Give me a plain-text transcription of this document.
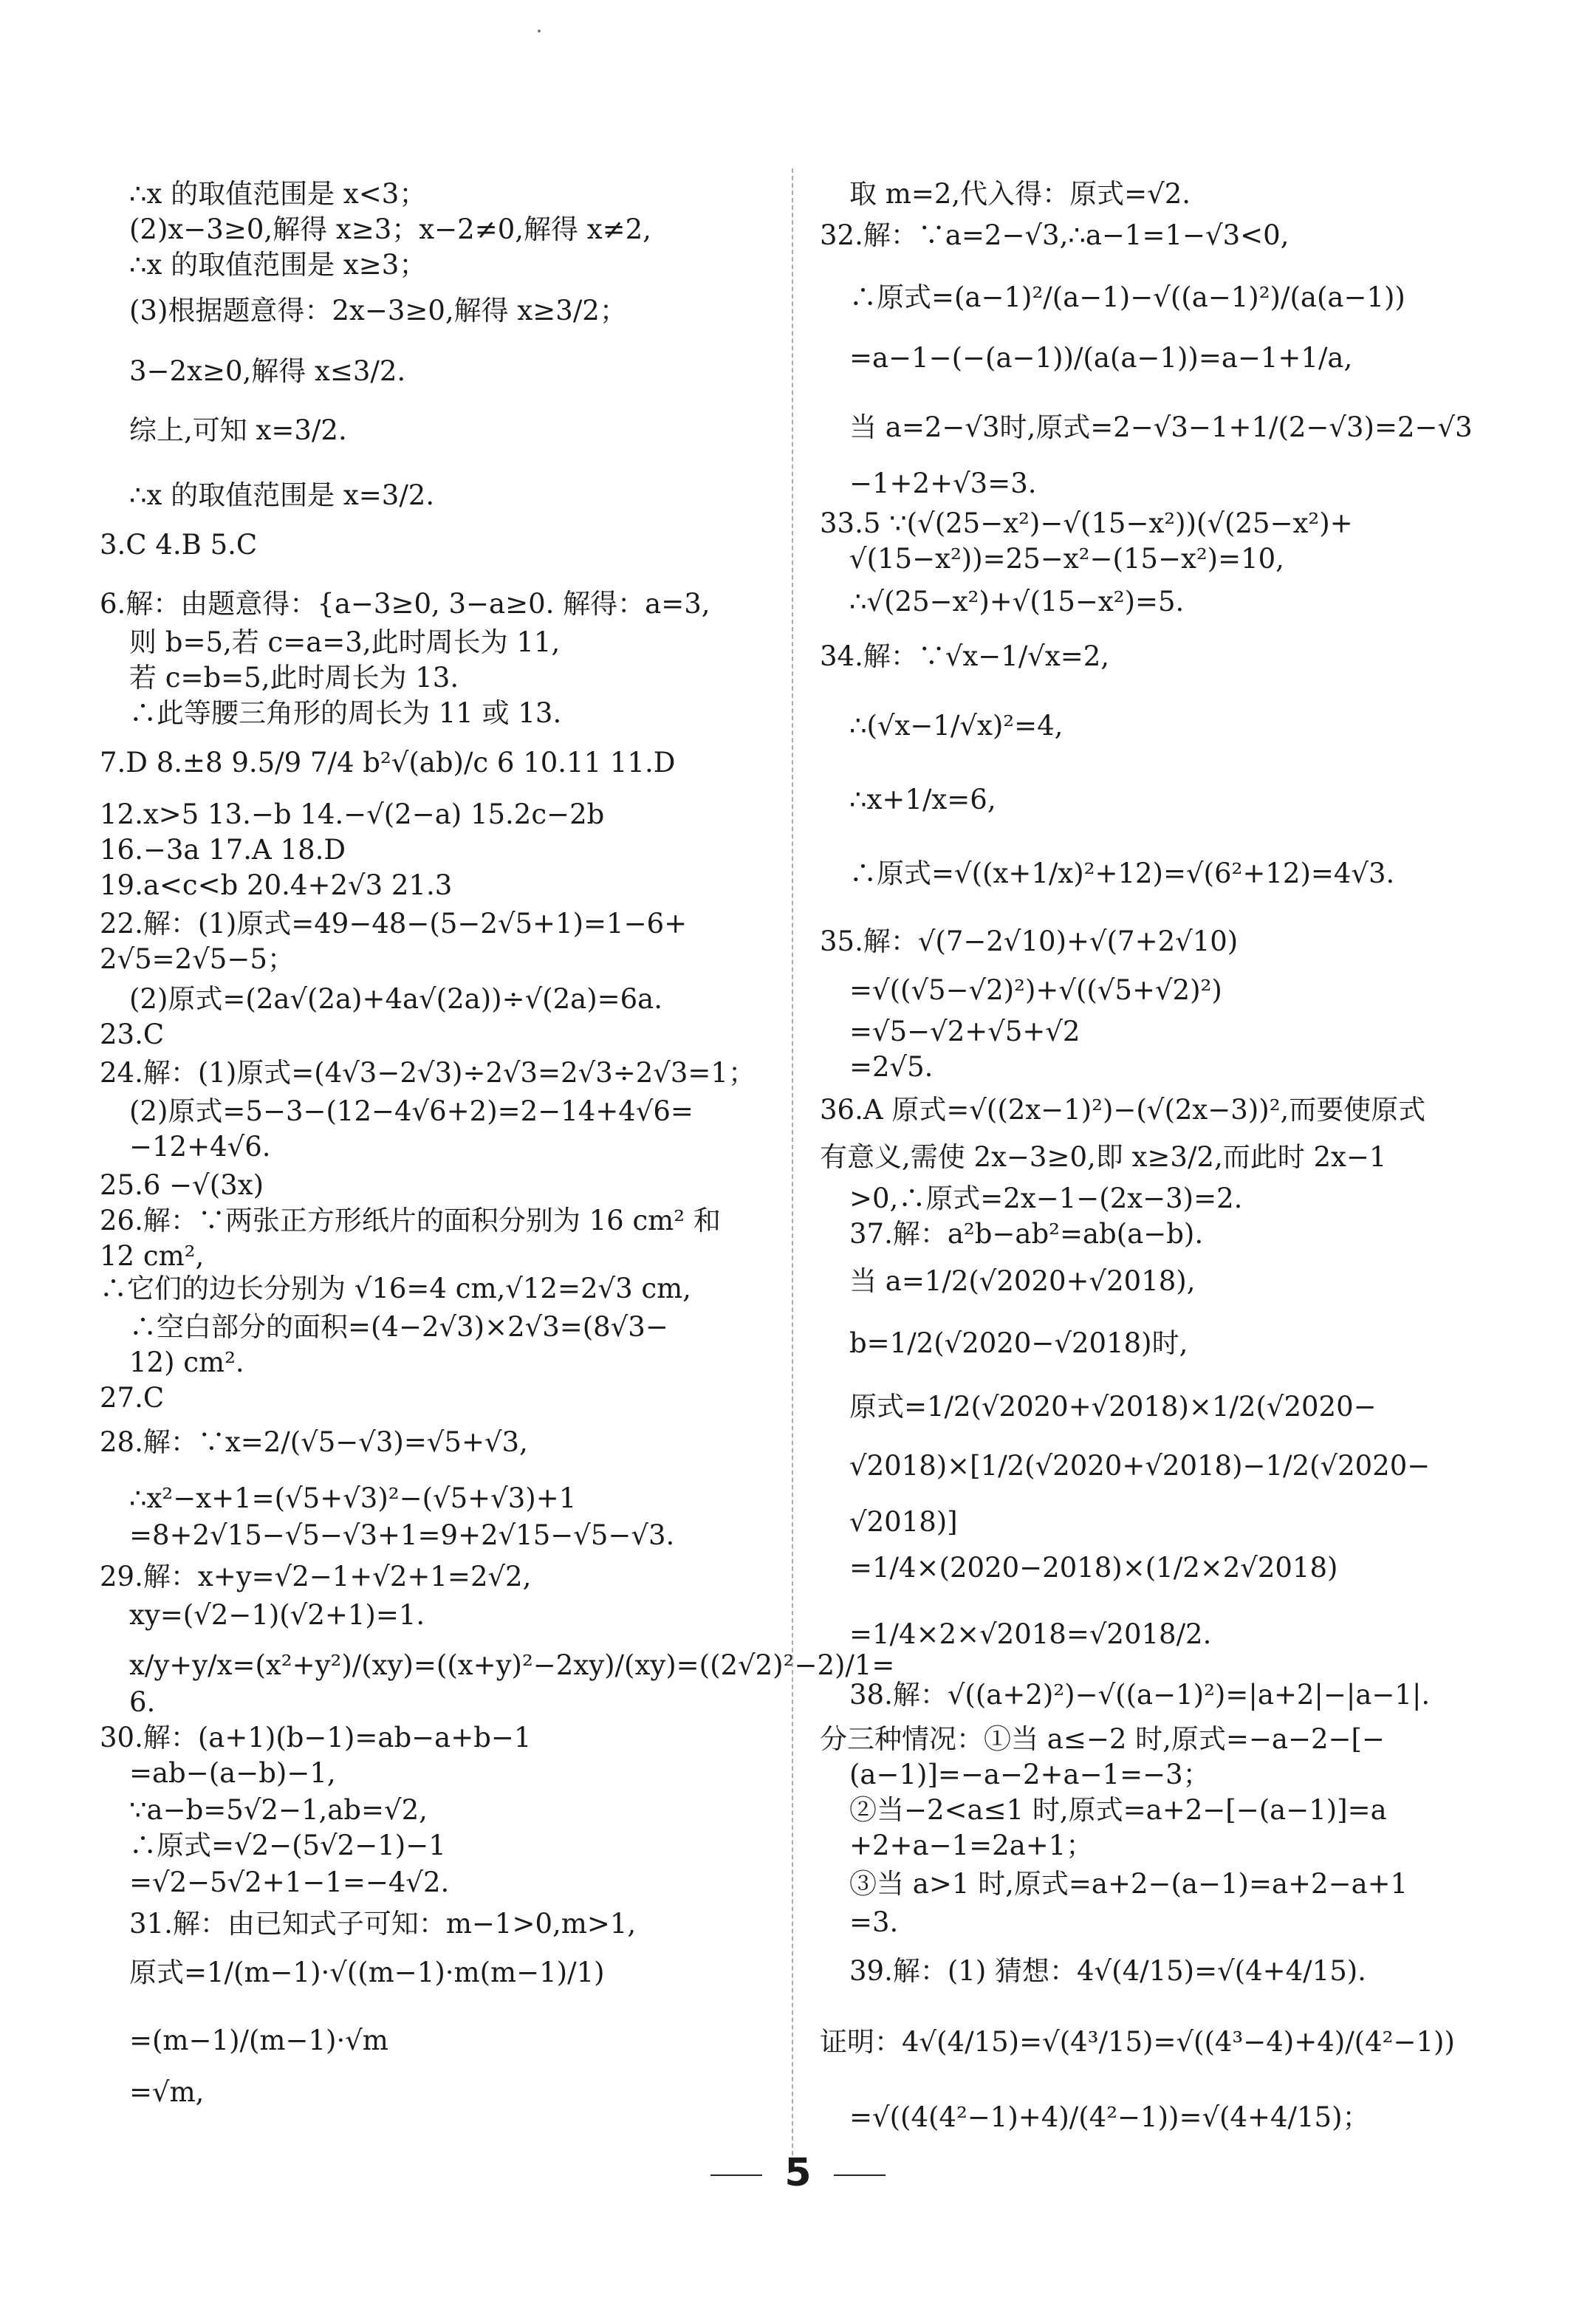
∴x 的取值范围是 x<3；
(2)x−3≥0,解得 x≥3；x−2≠0,解得 x≠2,
∴x 的取值范围是 x≥3；
(3)根据题意得：2x−3≥0,解得 x≥3/2；
3−2x≥0,解得 x≤3/2.
综上,可知 x=3/2.
∴x 的取值范围是 x=3/2.
3.C 4.B 5.C
6.解：由题意得：{a−3≥0, 3−a≥0. 解得：a=3,
则 b=5,若 c=a=3,此时周长为 11,
若 c=b=5,此时周长为 13.
∴此等腰三角形的周长为 11 或 13.
7.D 8.±8 9.5/9 7/4 b²√(ab)/c 6 10.11 11.D
12.x>5 13.−b 14.−√(2−a) 15.2c−2b
16.−3a 17.A 18.D
19.a<c<b 20.4+2√3 21.3
22.解：(1)原式=49−48−(5−2√5+1)=1−6+
2√5=2√5−5；
(2)原式=(2a√(2a)+4a√(2a))÷√(2a)=6a.
23.C
24.解：(1)原式=(4√3−2√3)÷2√3=2√3÷2√3=1；
(2)原式=5−3−(12−4√6+2)=2−14+4√6=
−12+4√6.
25.6 −√(3x)
26.解：∵两张正方形纸片的面积分别为 16 cm² 和
12 cm²,
∴它们的边长分别为 √16=4 cm,√12=2√3 cm,
∴空白部分的面积=(4−2√3)×2√3=(8√3−
12) cm².
27.C
28.解：∵x=2/(√5−√3)=√5+√3,
∴x²−x+1=(√5+√3)²−(√5+√3)+1
=8+2√15−√5−√3+1=9+2√15−√5−√3.
29.解：x+y=√2−1+√2+1=2√2,
xy=(√2−1)(√2+1)=1.
x/y+y/x=(x²+y²)/(xy)=((x+y)²−2xy)/(xy)=((2√2)²−2)/1=
6.
30.解：(a+1)(b−1)=ab−a+b−1
=ab−(a−b)−1,
∵a−b=5√2−1,ab=√2,
∴原式=√2−(5√2−1)−1
=√2−5√2+1−1=−4√2.
31.解：由已知式子可知：m−1>0,m>1,
原式=1/(m−1)·√((m−1)·m(m−1)/1)
=(m−1)/(m−1)·√m
=√m,
取 m=2,代入得：原式=√2.
32.解：∵a=2−√3,∴a−1=1−√3<0,
∴原式=(a−1)²/(a−1)−√((a−1)²)/(a(a−1))
=a−1−(−(a−1))/(a(a−1))=a−1+1/a,
当 a=2−√3时,原式=2−√3−1+1/(2−√3)=2−√3
−1+2+√3=3.
33.5 ∵(√(25−x²)−√(15−x²))(√(25−x²)+
√(15−x²))=25−x²−(15−x²)=10,
∴√(25−x²)+√(15−x²)=5.
34.解：∵√x−1/√x=2,
∴(√x−1/√x)²=4,
∴x+1/x=6,
∴原式=√((x+1/x)²+12)=√(6²+12)=4√3.
35.解：√(7−2√10)+√(7+2√10)
=√((√5−√2)²)+√((√5+√2)²)
=√5−√2+√5+√2
=2√5.
36.A 原式=√((2x−1)²)−(√(2x−3))²,而要使原式
有意义,需使 2x−3≥0,即 x≥3/2,而此时 2x−1
>0,∴原式=2x−1−(2x−3)=2.
37.解：a²b−ab²=ab(a−b).
当 a=1/2(√2020+√2018),
b=1/2(√2020−√2018)时,
原式=1/2(√2020+√2018)×1/2(√2020−
√2018)×[1/2(√2020+√2018)−1/2(√2020−
√2018)]
=1/4×(2020−2018)×(1/2×2√2018)
=1/4×2×√2018=√2018/2.
38.解：√((a+2)²)−√((a−1)²)=|a+2|−|a−1|.
分三种情况：①当 a≤−2 时,原式=−a−2−[−
(a−1)]=−a−2+a−1=−3；
②当−2<a≤1 时,原式=a+2−[−(a−1)]=a
+2+a−1=2a+1；
③当 a>1 时,原式=a+2−(a−1)=a+2−a+1
=3.
39.解：(1) 猜想：4√(4/15)=√(4+4/15).
证明：4√(4/15)=√(4³/15)=√((4³−4)+4)/(4²−1))
=√((4(4²−1)+4)/(4²−1))=√(4+4/15)；
5
